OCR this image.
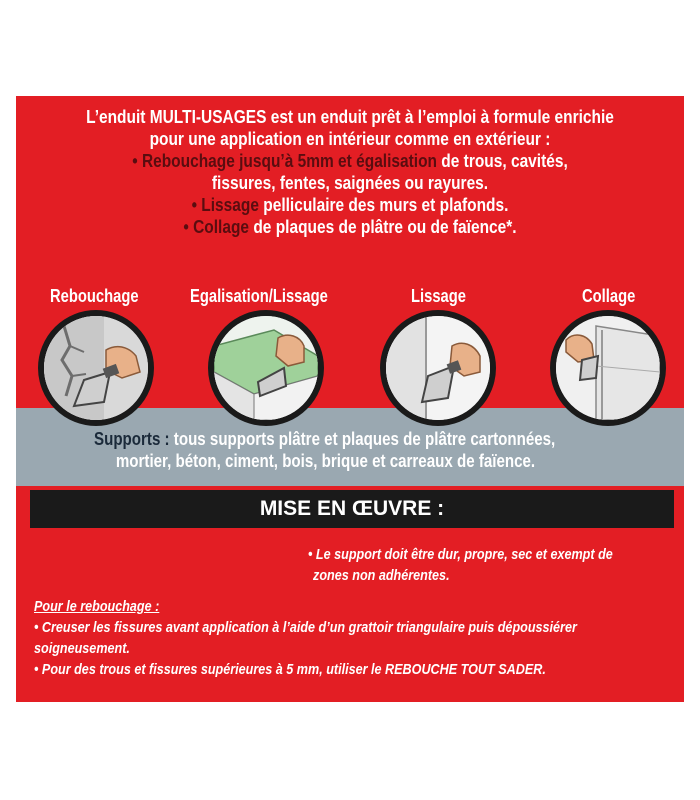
L’enduit MULTI-USAGES est un enduit prêt à l’emploi à formule enrichie
pour une application en intérieur comme en extérieur :
• Rebouchage jusqu’à 5mm et égalisation de trous, cavités,
fissures, fentes, saignées ou rayures.
• Lissage pelliculaire des murs et plafonds.
• Collage de plaques de plâtre ou de faïence*.
Rebouchage	Egalisation/Lissage	Lissage	Collage
Supports : tous supports plâtre et plaques de plâtre cartonnées,
mortier, béton, ciment, bois, brique et carreaux de faïence.
MISE EN ŒUVRE :
• Le support doit être dur, propre, sec et exempt de
zones non adhérentes.
Pour le rebouchage :
• Creuser les fissures avant application à l’aide d’un grattoir triangulaire puis dépoussiérer
soigneusement.
• Pour des trous et fissures supérieures à 5 mm, utiliser le REBOUCHE TOUT SADER.
